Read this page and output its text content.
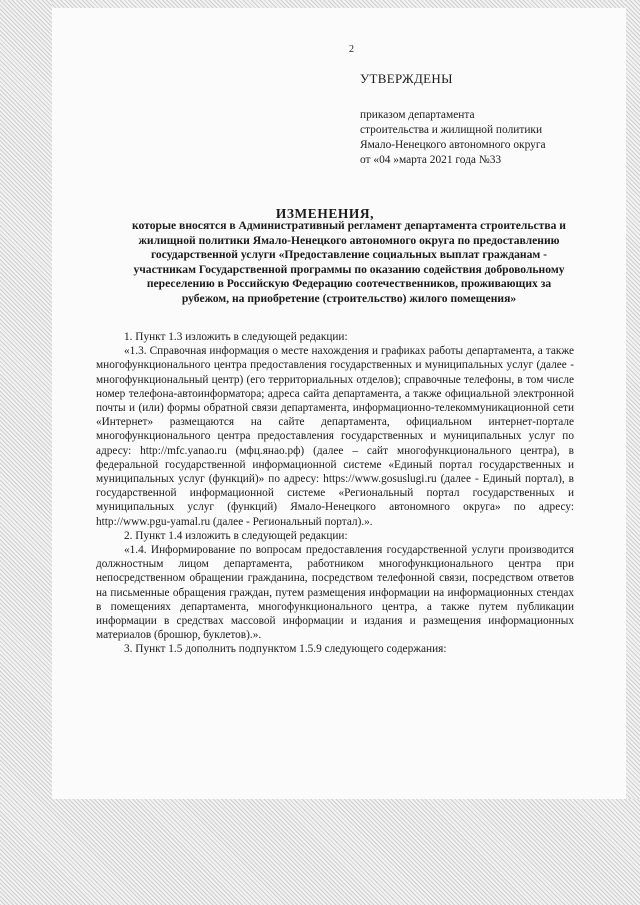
2
УТВЕРЖДЕНЫ
приказом департамента
строительства и жилищной политики
Ямало-Ненецкого автономного округа
от «04 »марта 2021 года №33
ИЗМЕНЕНИЯ,
которые вносятся в Административный регламент департамента строительства и жилищной политики Ямало-Ненецкого автономного округа по предоставлению государственной услуги «Предоставление социальных выплат гражданам - участникам Государственной программы по оказанию содействия добровольному переселению в Российскую Федерацию соотечественников, проживающих за рубежом, на приобретение (строительство) жилого помещения»

1. Пункт 1.3 изложить в следующей редакции:

«1.3. Справочная информация о месте нахождения и графиках работы департамента, а также многофункционального центра предоставления государственных и муниципальных услуг (далее - многофункциональный центр) (его территориальных отделов); справочные телефоны, в том числе номер телефона-автоинформатора; адреса сайта департамента, а также официальной электронной почты и (или) формы обратной связи департамента, информационно-телекоммуникационной сети «Интернет» размещаются на сайте департамента, официальном интернет-портале многофункционального центра предоставления государственных и муниципальных услуг по адресу: http://mfc.yanao.ru (мфц.янао.рф) (далее – сайт многофункционального центра), в федеральной государственной информационной системе «Единый портал государственных и муниципальных услуг (функций)» по адресу: https://www.gosuslugi.ru (далее - Единый портал), в государственной информационной системе «Региональный портал государственных и муниципальных услуг (функций) Ямало-Ненецкого автономного округа» по адресу: http://www.pgu-yamal.ru (далее - Региональный портал).».

2. Пункт 1.4 изложить в следующей редакции:

«1.4. Информирование по вопросам предоставления государственной услуги производится должностным лицом департамента, работником многофункционального центра при непосредственном обращении гражданина, посредством телефонной связи, посредством ответов на письменные обращения граждан, путем размещения информации на информационных стендах в помещениях департамента, многофункционального центра, а также путем публикации информации в средствах массовой информации и издания и размещения информационных материалов (брошюр, буклетов).».

3. Пункт 1.5 дополнить подпунктом 1.5.9 следующего содержания:
